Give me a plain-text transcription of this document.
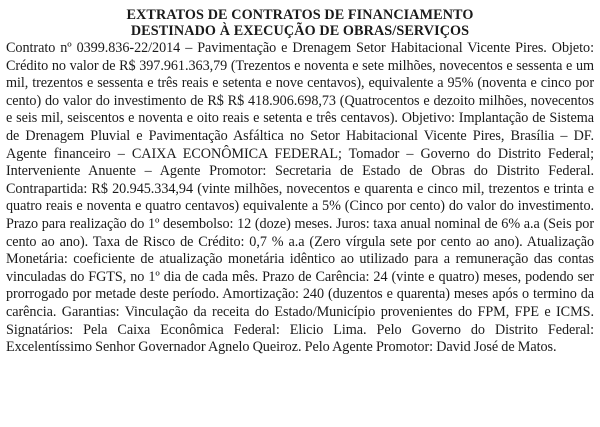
EXTRATOS DE CONTRATOS DE FINANCIAMENTO
DESTINADO À EXECUÇÃO DE OBRAS/SERVIÇOS

Contrato nº 0399.836-22/2014 – Pavimentação e Drenagem Setor Habitacional Vicente Pires. Objeto: Crédito no valor de R$ 397.961.363,79 (Trezentos e noventa e sete milhões, novecentos e sessenta e um mil, trezentos e sessenta e três reais e setenta e nove centavos), equivalente a 95% (noventa e cinco por cento) do valor do investimento de R$ R$ 418.906.698,73 (Quatrocentos e dezoito milhões, novecentos e seis mil, seiscentos e noventa e oito reais e setenta e três centavos). Objetivo: Implantação de Sistema de Drenagem Pluvial e Pavimentação Asfáltica no Setor Habitacional Vicente Pires, Brasília – DF. Agente financeiro – CAIXA ECONÔMICA FEDERAL; Tomador – Governo do Distrito Federal; Interveniente Anuente – Agente Promotor: Secretaria de Estado de Obras do Distrito Federal. Contrapartida: R$ 20.945.334,94 (vinte milhões, novecentos e quarenta e cinco mil, trezentos e trinta e quatro reais e noventa e quatro centavos) equivalente a 5% (Cinco por cento) do valor do investimento. Prazo para realização do 1º desembolso: 12 (doze) meses. Juros: taxa anual nominal de 6% a.a (Seis por cento ao ano). Taxa de Risco de Crédito: 0,7 % a.a (Zero vírgula sete por cento ao ano). Atualização Monetária: coeficiente de atualização monetária idêntico ao utilizado para a remuneração das contas vinculadas do FGTS, no 1º dia de cada mês. Prazo de Carência: 24 (vinte e quatro) meses, podendo ser prorrogado por metade deste período. Amortização: 240 (duzentos e quarenta) meses após o termino da carência. Garantias: Vinculação da receita do Estado/Município provenientes do FPM, FPE e ICMS. Signatários: Pela Caixa Econômica Federal: Elicio Lima. Pelo Governo do Distrito Federal: Excelentíssimo Senhor Governador Agnelo Queiroz. Pelo Agente Promotor: David José de Matos.
